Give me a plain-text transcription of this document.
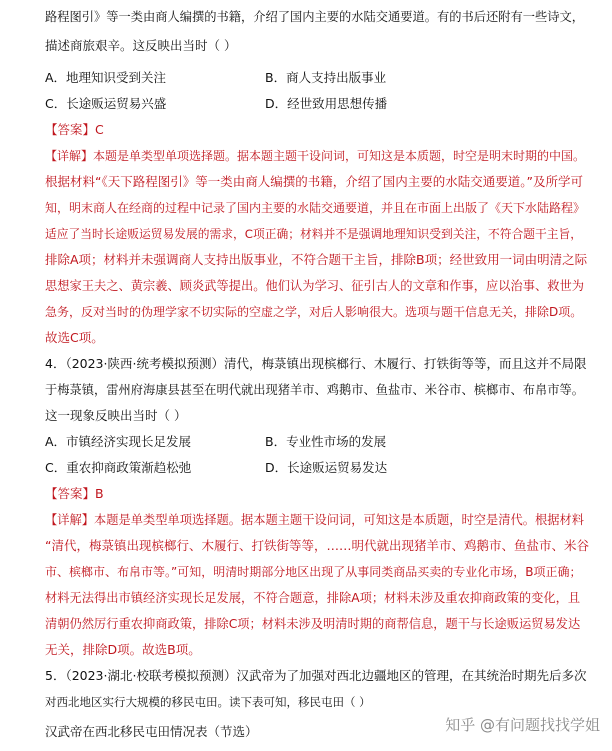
路程图引》等一类由商人编撰的书籍，介绍了国内主要的水陆交通要道。有的书后还附有一些诗文，
描述商旅艰辛。这反映出当时（ ）
A．地理知识受到关注	B．商人支持出版事业
C．长途贩运贸易兴盛	D．经世致用思想传播
【答案】C
【详解】本题是单类型单项选择题。据本题主题干设问词，可知这是本质题，时空是明末时期的中国。
根据材料“《天下路程图引》等一类由商人编撰的书籍，介绍了国内主要的水陆交通要道。”及所学可
知，明末商人在经商的过程中记录了国内主要的水陆交通要道，并且在市面上出版了《天下水陆路程》
适应了当时长途贩运贸易发展的需求，C项正确；材料并不是强调地理知识受到关注，不符合题干主旨，
排除A项；材料并未强调商人支持出版事业，不符合题干主旨，排除B项；经世致用一词由明清之际
思想家王夫之、黄宗羲、顾炎武等提出。他们认为学习、征引古人的文章和作事，应以治事、救世为
急务，反对当时的伪理学家不切实际的空虚之学，对后人影响很大。选项与题干信息无关，排除D项。
故选C项。
4．（2023·陕西·统考模拟预测）清代，梅菉镇出现槟榔行、木履行、打铁街等等，而且这并不局限
于梅菉镇，雷州府海康县甚至在明代就出现猪羊市、鸡鹅市、鱼盐市、米谷市、槟榔市、布帛市等。
这一现象反映出当时（ ）
A．市镇经济实现长足发展	B．专业性市场的发展
C．重农抑商政策渐趋松弛	D．长途贩运贸易发达
【答案】B
【详解】本题是单类型单项选择题。据本题主题干设问词，可知这是本质题，时空是清代。根据材料
“清代，梅菉镇出现槟榔行、木履行、打铁街等等，……明代就出现猪羊市、鸡鹅市、鱼盐市、米谷
市、槟榔市、布帛市等。”可知，明清时期部分地区出现了从事同类商品买卖的专业化市场，B项正确；
材料无法得出市镇经济实现长足发展，不符合题意，排除A项；材料未涉及重农抑商政策的变化，且
清朝仍然厉行重农抑商政策，排除C项；材料未涉及明清时期的商帮信息，题干与长途贩运贸易发达
无关，排除D项。故选B项。
5．（2023·湖北·校联考模拟预测）汉武帝为了加强对西北边疆地区的管理，在其统治时期先后多次
对西北地区实行大规模的移民屯田。读下表可知，移民屯田（ ）
汉武帝在西北移民屯田情况表（节选）	知乎 @有问题找找学姐
